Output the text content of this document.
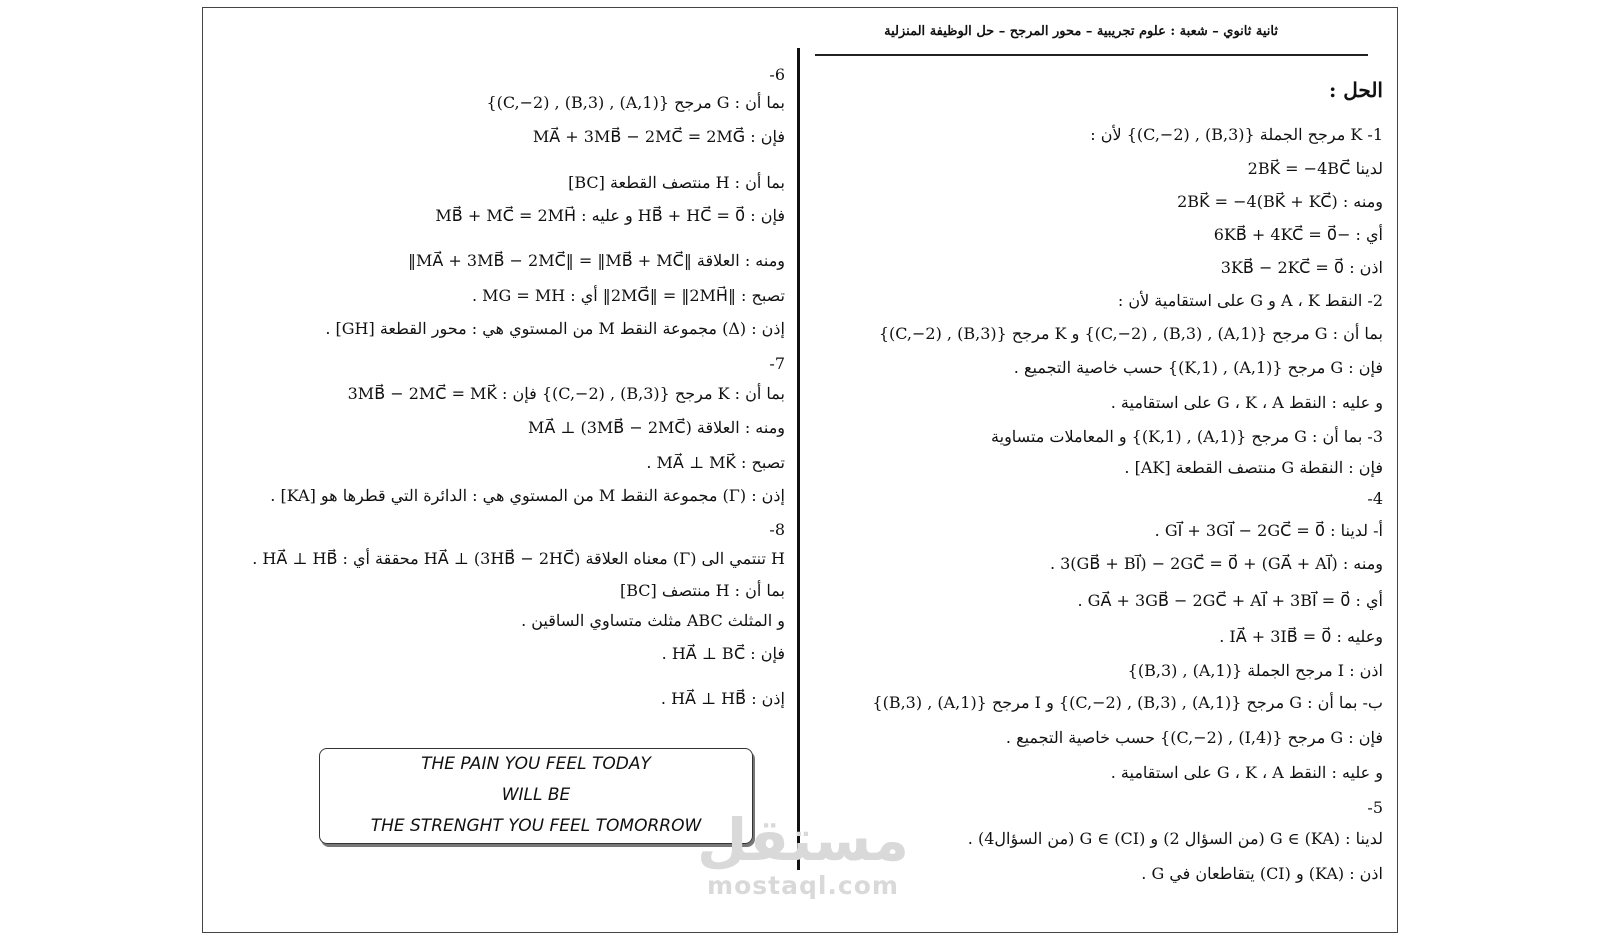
ثانية ثانوي – شعبة : علوم تجريبية – محور المرجح – حل الوظيفة المنزلية
الحل :
1- K مرجح الجملة {(B,3) , (C,−2)} لأن :
لدينا 2BK⃗ = −4BC⃗
ومنه : 2BK⃗ = −4(BK⃗ + KC⃗)
أي : −6KB⃗ + 4KC⃗ = 0⃗
اذن : 3KB⃗ − 2KC⃗ = 0⃗
2- النقط A ، K و G على استقامية لأن :
بما أن : G مرجح {(A,1) , (B,3) , (C,−2)} و K مرجح {(B,3) , (C,−2)}
فإن : G مرجح {(A,1) , (K,1)} حسب خاصية التجميع .
و عليه : النقط G ، K ، A على استقامية .
3- بما أن : G مرجح {(A,1) , (K,1)} و المعاملات متساوية
فإن : النقطة G منتصف القطعة [AK] .
4-
أ- لدينا : GI⃗ + 3GI⃗ − 2GC⃗ = 0⃗ .
ومنه : (GA⃗ + AI⃗) + 3(GB⃗ + BI⃗) − 2GC⃗ = 0⃗ .
أي : GA⃗ + 3GB⃗ − 2GC⃗ + AI⃗ + 3BI⃗ = 0⃗ .
وعليه : IA⃗ + 3IB⃗ = 0⃗ .
اذن : I مرجح الجملة {(A,1) , (B,3)}
ب- بما أن : G مرجح {(A,1) , (B,3) , (C,−2)} و I مرجح {(A,1) , (B,3)}
فإن : G مرجح {(I,4) , (C,−2)} حسب خاصية التجميع .
و عليه : النقط G ، K ، A على استقامية .
5-
لدينا : G ∈ (KA) (من السؤال 2) و G ∈ (CI) (من السؤال4) .
اذن : (KA) و (CI) يتقاطعان في G .
THE PAIN YOU FEEL TODAY
WILL BE
THE STRENGHT YOU FEEL TOMORROW
6-
بما أن : G مرجح {(A,1) , (B,3) , (C,−2)}
فإن : MA⃗ + 3MB⃗ − 2MC⃗ = 2MG⃗
بما أن : H منتصف القطعة [BC]
فإن : HB⃗ + HC⃗ = 0⃗ و عليه : MB⃗ + MC⃗ = 2MH⃗
ومنه : العلاقة ‖MA⃗ + 3MB⃗ − 2MC⃗‖ = ‖MB⃗ + MC⃗‖
تصبح : ‖2MG⃗‖ = ‖2MH⃗‖ أي : MG = MH .
إذن : (Δ) مجموعة النقط M من المستوي هي : محور القطعة [GH] .
7-
بما أن : K مرجح {(B,3) , (C,−2)} فإن : 3MB⃗ − 2MC⃗ = MK⃗
ومنه : العلاقة MA⃗ ⊥ (3MB⃗ − 2MC⃗)
تصبح : MA⃗ ⊥ MK⃗ .
إذن : (Γ) مجموعة النقط M من المستوي هي : الدائرة التي قطرها هو [KA] .
8-
H تنتمي الى (Γ) معناه العلاقة HA⃗ ⊥ (3HB⃗ − 2HC⃗) محققة أي : HA⃗ ⊥ HB⃗ .
بما أن : H منتصف [BC]
و المثلث ABC مثلث متساوي الساقين .
فإن : HA⃗ ⊥ BC⃗ .
إذن : HA⃗ ⊥ HB⃗ .
مستقل
mostaql.com
